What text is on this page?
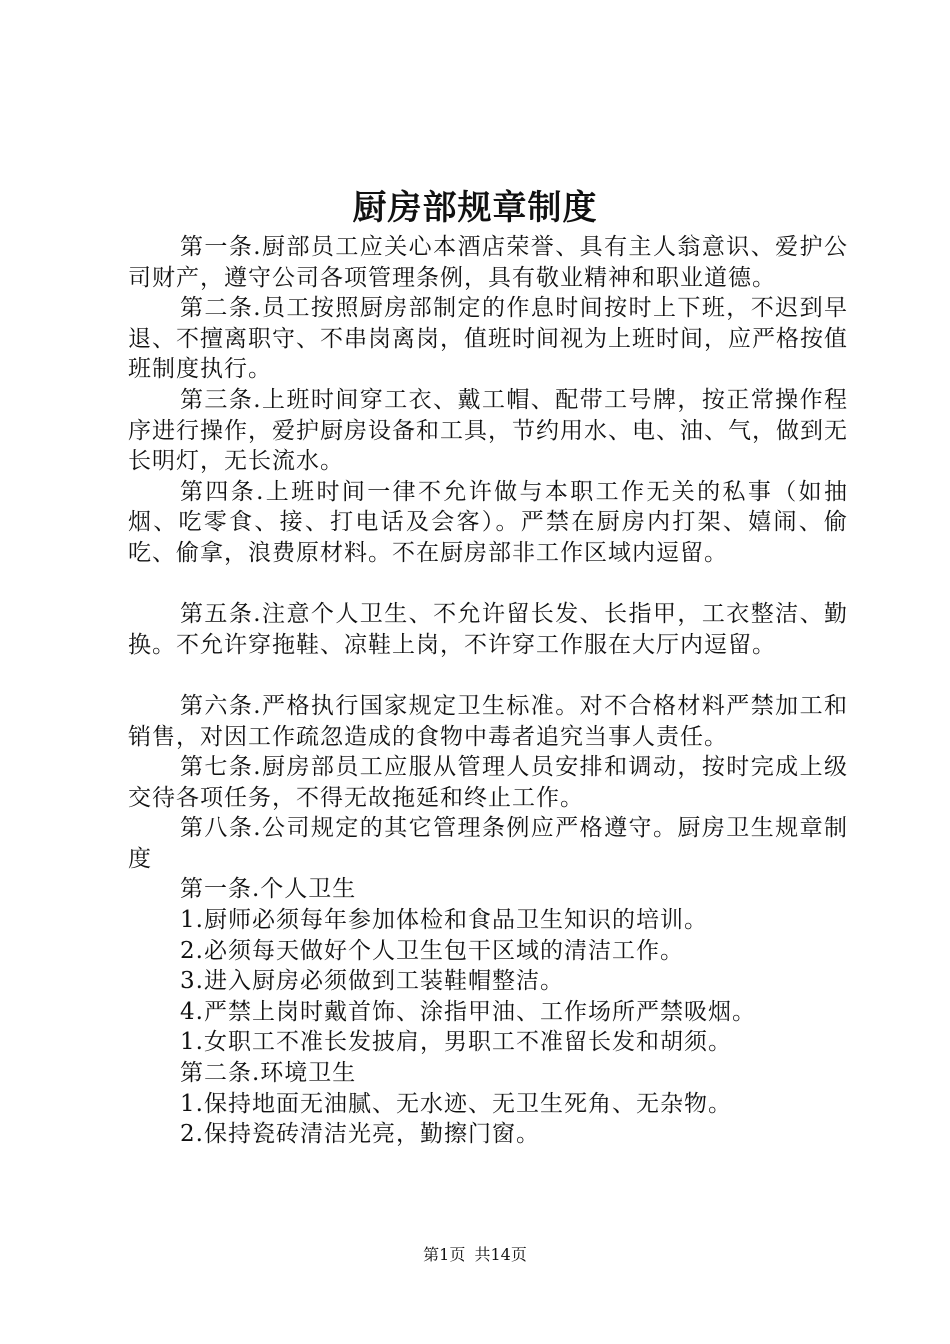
厨房部规章制度

第一条.厨部员工应关心本酒店荣誉、具有主人翁意识、爱护公司财产，遵守公司各项管理条例，具有敬业精神和职业道德。

第二条.员工按照厨房部制定的作息时间按时上下班，不迟到早退、不擅离职守、不串岗离岗，值班时间视为上班时间，应严格按值班制度执行。

第三条.上班时间穿工衣、戴工帽、配带工号牌，按正常操作程序进行操作，爱护厨房设备和工具，节约用水、电、油、气，做到无长明灯，无长流水。

第四条.上班时间一律不允许做与本职工作无关的私事（如抽烟、吃零食、接、打电话及会客）。严禁在厨房内打架、嬉闹、偷吃、偷拿，浪费原材料。不在厨房部非工作区域内逗留。

第五条.注意个人卫生、不允许留长发、长指甲，工衣整洁、勤换。不允许穿拖鞋、凉鞋上岗，不许穿工作服在大厅内逗留。

第六条.严格执行国家规定卫生标准。对不合格材料严禁加工和销售，对因工作疏忽造成的食物中毒者追究当事人责任。

第七条.厨房部员工应服从管理人员安排和调动，按时完成上级交待各项任务，不得无故拖延和终止工作。

第八条.公司规定的其它管理条例应严格遵守。厨房卫生规章制度

第一条.个人卫生

1.厨师必须每年参加体检和食品卫生知识的培训。

2.必须每天做好个人卫生包干区域的清洁工作。

3.进入厨房必须做到工装鞋帽整洁。

4.严禁上岗时戴首饰、涂指甲油、工作场所严禁吸烟。

1.女职工不准长发披肩，男职工不准留长发和胡须。

第二条.环境卫生

1.保持地面无油腻、无水迹、无卫生死角、无杂物。

2.保持瓷砖清洁光亮，勤擦门窗。

第1页 共14页
